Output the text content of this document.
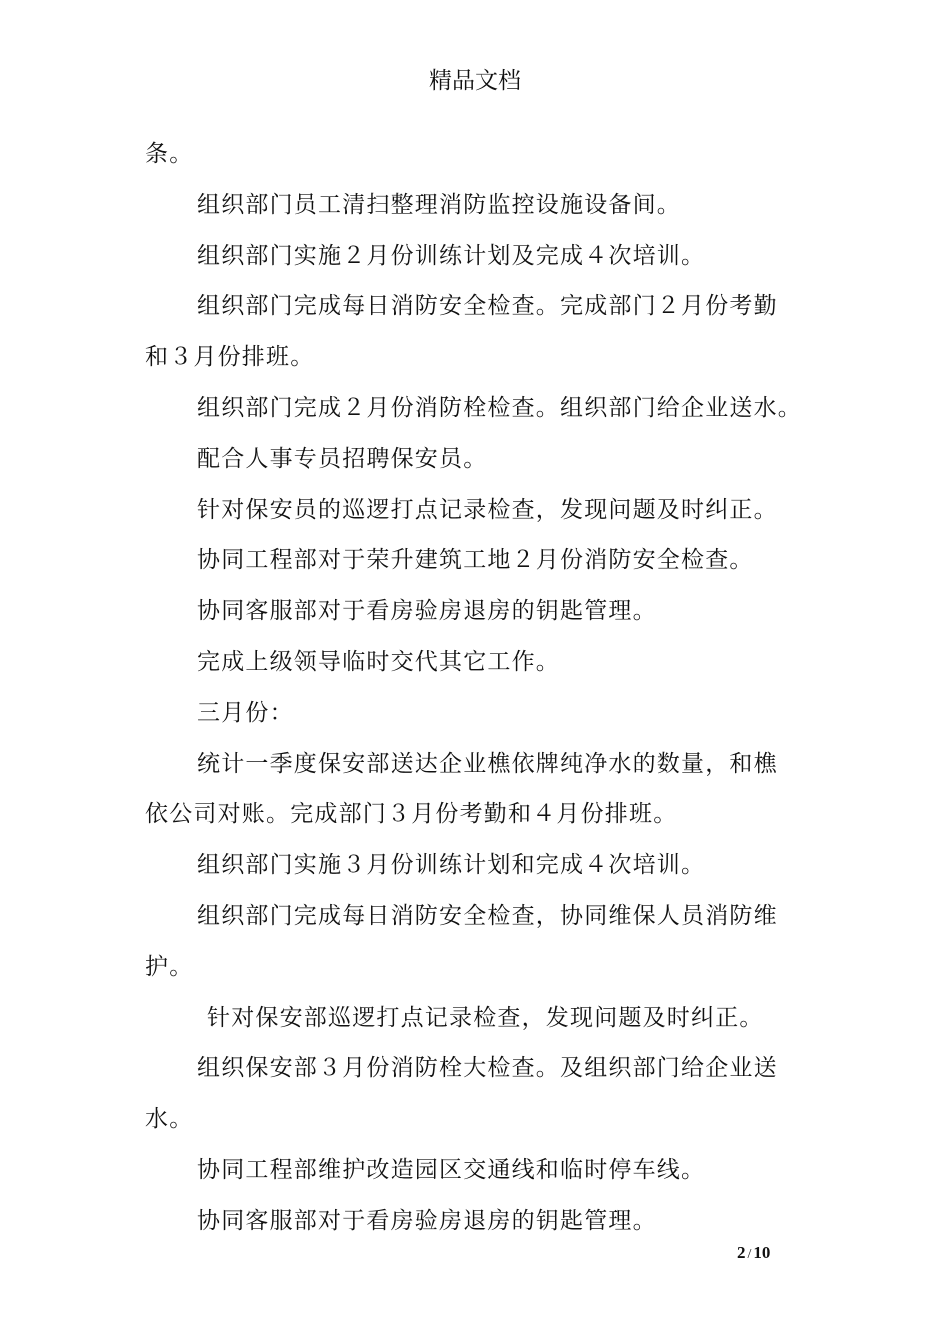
精品文档

条。

组织部门员工清扫整理消防监控设施设备间。

组织部门实施２月份训练计划及完成４次培训。

组织部门完成每日消防安全检查。完成部门２月份考勤

和３月份排班。

组织部门完成２月份消防栓检查。组织部门给企业送水。

配合人事专员招聘保安员。

针对保安员的巡逻打点记录检查，发现问题及时纠正。

协同工程部对于荣升建筑工地２月份消防安全检查。

协同客服部对于看房验房退房的钥匙管理。

完成上级领导临时交代其它工作。

三月份：

统计一季度保安部送达企业樵依牌纯净水的数量，和樵

依公司对账。完成部门３月份考勤和４月份排班。

组织部门实施３月份训练计划和完成４次培训。

组织部门完成每日消防安全检查，协同维保人员消防维

护。

针对保安部巡逻打点记录检查，发现问题及时纠正。

组织保安部３月份消防栓大检查。及组织部门给企业送

水。

协同工程部维护改造园区交通线和临时停车线。

协同客服部对于看房验房退房的钥匙管理。

2 / 10
